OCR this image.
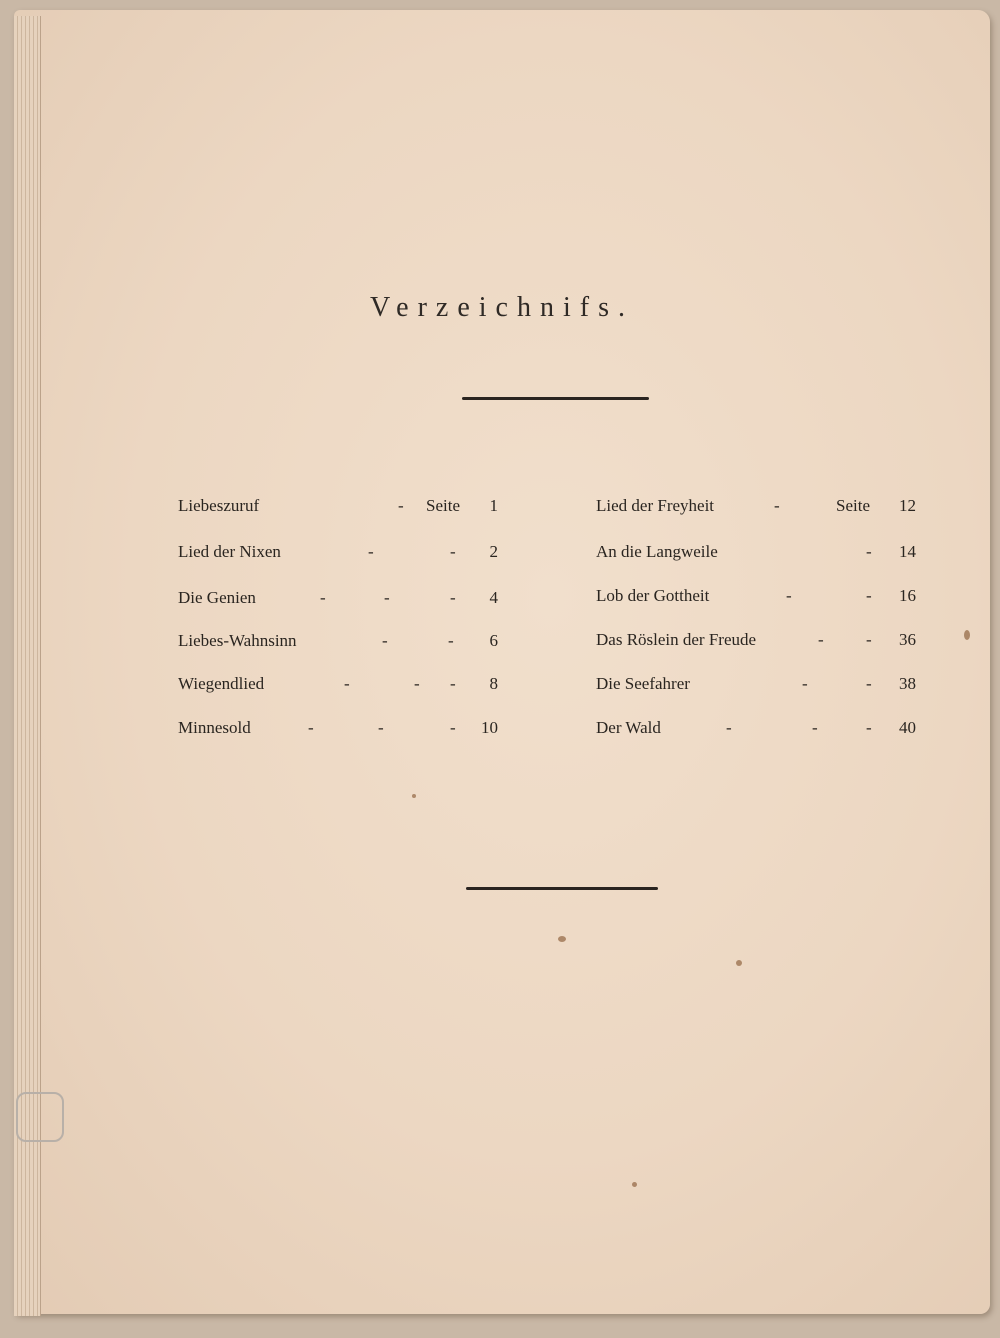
Verzeichnifs.
Liebeszuruf	- Seite 1
Lied der Nixen	-	- 2
Die Genien	-	-	- 4
Liebes-Wahnsinn	-	- 6
Wiegendlied	-	- - 8
Minnesold	-	-	- 10
Lied der Freyheit	-	Seite 12
An die Langweile	- 14
Lob der Gottheit	-	- 16
Das Röslein der Freude	- - 36
Die Seefahrer	-	- 38
Der Wald	-	-	- 40
